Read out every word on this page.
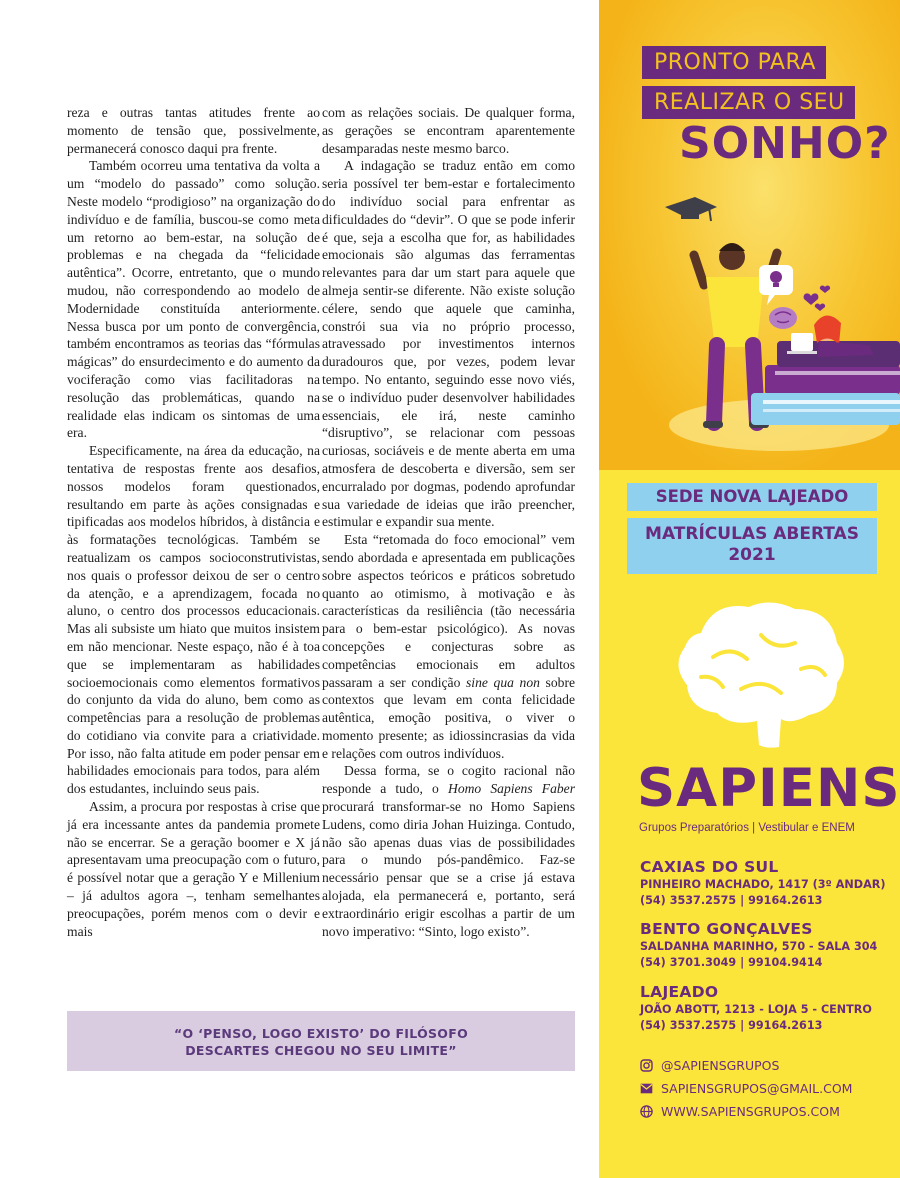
reza e outras tantas atitudes frente ao momento de tensão que, possivelmente, permanecerá conosco daqui pra frente.

Também ocorreu uma tentativa da volta a um “modelo do passado” como solução. Neste modelo “prodigioso” na organização do indivíduo e de família, buscou-se como meta um retorno ao bem-estar, na solução de problemas e na chegada da “felicidade autêntica”. Ocorre, entretanto, que o mundo mudou, não correspondendo ao modelo de Modernidade constituída anteriormente. Nessa busca por um ponto de convergência, também encontramos as teorias das “fórmulas mágicas” do ensurdecimento e do aumento da vociferação como vias facilitadoras na resolução das problemáticas, quando na realidade elas indicam os sintomas de uma era.

Especificamente, na área da educação, na tentativa de respostas frente aos desafios, nossos modelos foram questionados, resultando em parte às ações consignadas e tipificadas aos modelos híbridos, à distância e às formatações tecnológicas. Também se reatualizam os campos socioconstrutivistas, nos quais o professor deixou de ser o centro da atenção, e a aprendizagem, focada no aluno, o centro dos processos educacionais. Mas ali subsiste um hiato que muitos insistem em não mencionar. Neste espaço, não é à toa que se implementaram as habilidades socioemocionais como elementos formativos do conjunto da vida do aluno, bem como as competências para a resolução de problemas do cotidiano via convite para a criatividade. Por isso, não falta atitude em poder pensar em habilidades emocionais para todos, para além dos estudantes, incluindo seus pais.

Assim, a procura por respostas à crise que já era incessante antes da pandemia promete não se encerrar. Se a geração boomer e X já apresentavam uma preocupação com o futuro, é possível notar que a geração Y e Millenium – já adultos agora –, tenham semelhantes preocupações, porém menos com o devir e mais

com as relações sociais. De qualquer forma, as gerações se encontram aparentemente desamparadas neste mesmo barco.

A indagação se traduz então em como seria possível ter bem-estar e fortalecimento do indivíduo social para enfrentar as dificuldades do “devir”. O que se pode inferir é que, seja a escolha que for, as habilidades emocionais são algumas das ferramentas relevantes para dar um start para aquele que almeja sentir-se diferente. Não existe solução célere, sendo que aquele que caminha, constrói sua via no próprio processo, atravessado por investimentos internos duradouros que, por vezes, podem levar tempo. No entanto, seguindo esse novo viés, se o indivíduo puder desenvolver habilidades essenciais, ele irá, neste caminho “disruptivo”, se relacionar com pessoas curiosas, sociáveis e de mente aberta em uma atmosfera de descoberta e diversão, sem ser encurralado por dogmas, podendo aprofundar sua variedade de ideias que irão preencher, estimular e expandir sua mente.

Esta “retomada do foco emocional” vem sendo abordada e apresentada em publicações sobre aspectos teóricos e práticos sobretudo quanto ao otimismo, à motivação e às características da resiliência (tão necessária para o bem-estar psicológico). As novas concepções e conjecturas sobre as competências emocionais em adultos passaram a ser condição sine qua non sobre contextos que levam em conta felicidade autêntica, emoção positiva, o viver o momento presente; as idiossincrasias da vida e relações com outros indivíduos.

Dessa forma, se o cogito racional não responde a tudo, o Homo Sapiens Faber procurará transformar-se no Homo Sapiens Ludens, como diria Johan Huizinga. Contudo, não são apenas duas vias de possibilidades para o mundo pós-pandêmico. Faz-se necessário pensar que se a crise já estava alojada, ela permanecerá e, portanto, será extraordinário erigir escolhas a partir de um novo imperativo: “Sinto, logo existo”.

“O ‘PENSO, LOGO EXISTO’ DO FILÓSOFO
DESCARTES CHEGOU NO SEU LIMITE”
PRONTO PARA
REALIZAR O SEU
SONHO?
SEDE NOVA LAJEADO
MATRÍCULAS ABERTAS
2021
SAPIENS
Grupos Preparatórios | Vestibular e ENEM
CAXIAS DO SUL
PINHEIRO MACHADO, 1417 (3º ANDAR)
(54) 3537.2575 | 99164.2613
BENTO GONÇALVES
SALDANHA MARINHO, 570 - SALA 304
(54) 3701.3049 | 99104.9414
LAJEADO
JOÃO ABOTT, 1213 - LOJA 5 - CENTRO
(54) 3537.2575 | 99164.2613
@SAPIENSGRUPOS
SAPIENSGRUPOS@GMAIL.COM
WWW.SAPIENSGRUPOS.COM
